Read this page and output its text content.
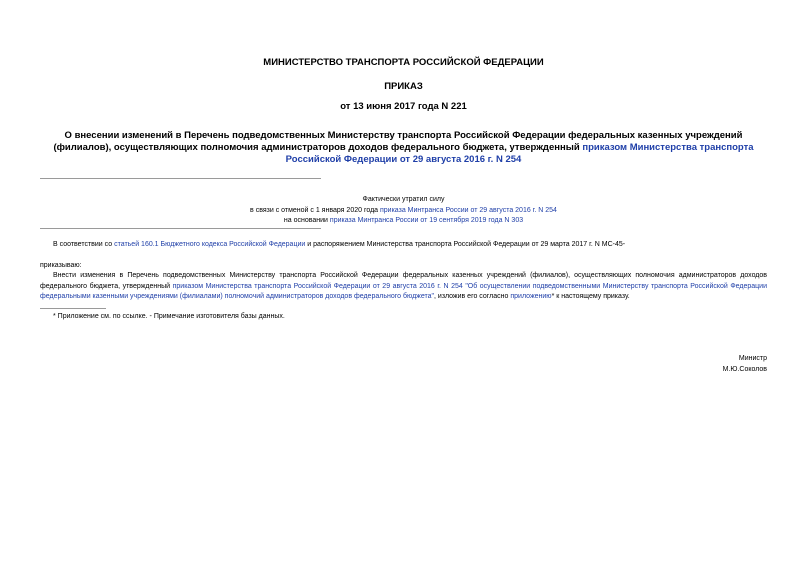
МИНИСТЕРСТВО ТРАНСПОРТА РОССИЙСКОЙ ФЕДЕРАЦИИ
ПРИКАЗ
от 13 июня 2017 года N 221
О внесении изменений в Перечень подведомственных Министерству транспорта Российской Федерации федеральных казенных учреждений (филиалов), осуществляющих полномочия администраторов доходов федерального бюджета, утвержденный приказом Министерства транспорта Российской Федерации от 29 августа 2016 г. N 254
Фактически утратил силу
в связи с отменой с 1 января 2020 года приказа Минтранса России от 29 августа 2016 г. N 254
на основании приказа Минтранса России от 19 сентября 2019 года N 303
В соответствии со статьей 160.1 Бюджетного кодекса Российской Федерации и распоряжением Министерства транспорта Российской Федерации от 29 марта 2017 г. N МС-45-
приказываю:
Внести изменения в Перечень подведомственных Министерству транспорта Российской Федерации федеральных казенных учреждений (филиалов), осуществляющих полномочия администраторов доходов федерального бюджета, утвержденный приказом Министерства транспорта Российской Федерации от 29 августа 2016 г. N 254 "Об осуществлении подведомственными Министерству транспорта Российской Федерации федеральными казенными учреждениями (филиалами) полномочий администраторов доходов федерального бюджета", изложив его согласно приложению* к настоящему приказу.
* Приложение см. по ссылке. - Примечание изготовителя базы данных.
Министр
М.Ю.Соколов
